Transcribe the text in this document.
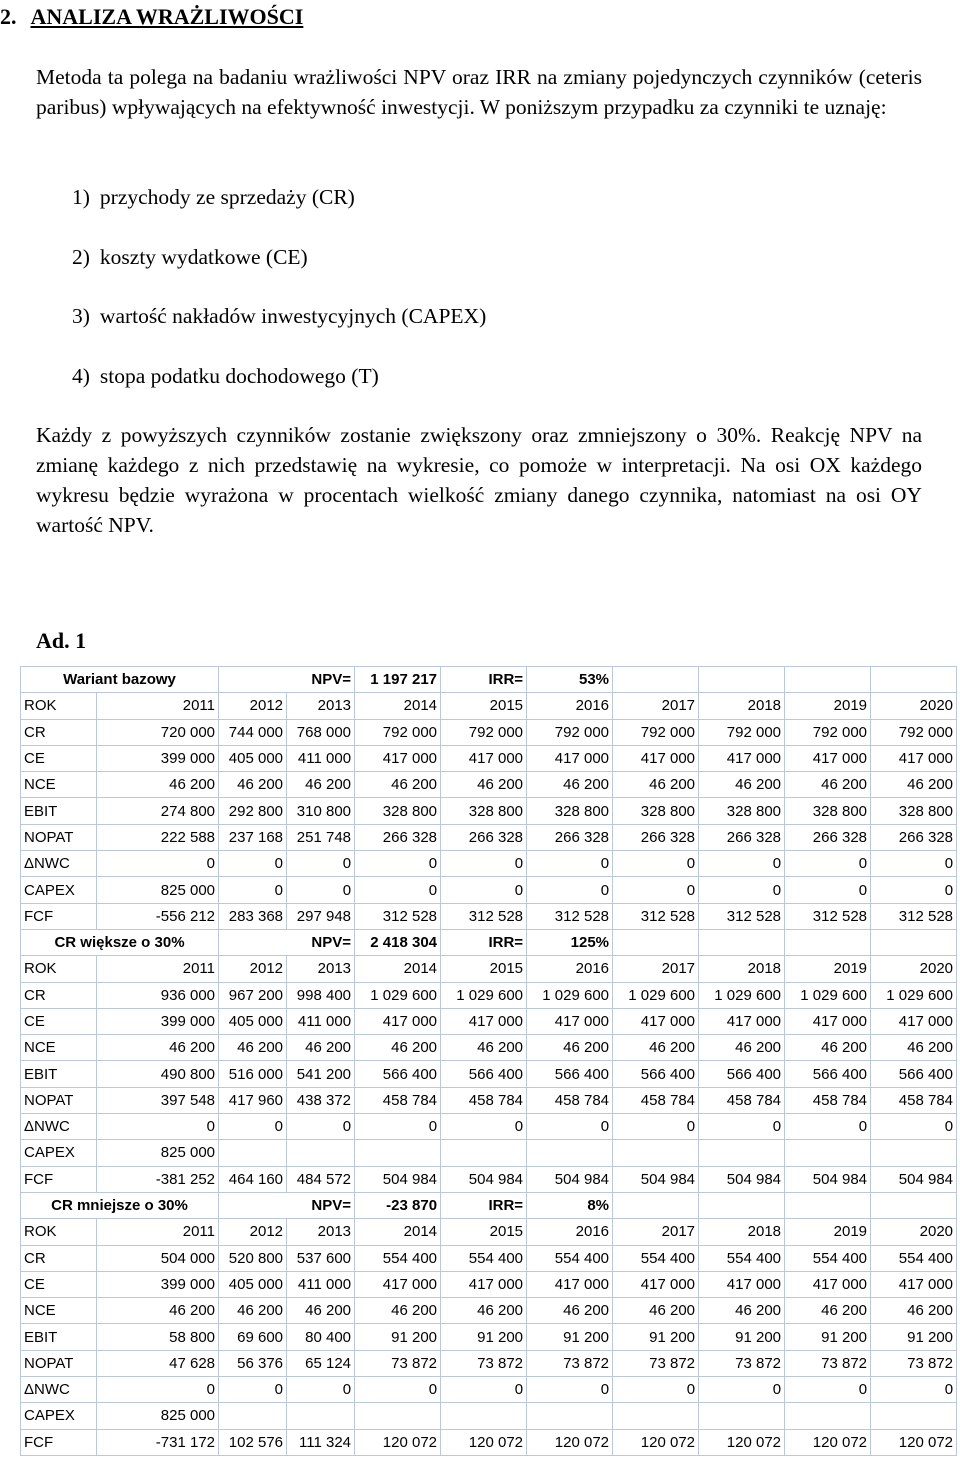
2. ANALIZA WRAŻLIWOŚCI
Metoda ta polega na badaniu wrażliwości NPV oraz IRR na zmiany pojedynczych czynników (ceteris paribus) wpływających na efektywność inwestycji. W poniższym przypadku za czynniki te uznaję:
1) przychody ze sprzedaży (CR)
2) koszty wydatkowe (CE)
3) wartość nakładów inwestycyjnych (CAPEX)
4) stopa podatku dochodowego (T)
Każdy z powyższych czynników zostanie zwiększony oraz zmniejszony o 30%. Reakcję NPV na zmianę każdego z nich przedstawię na wykresie, co pomoże w interpretacji. Na osi OX każdego wykresu będzie wyrażona w procentach wielkość zmiany danego czynnika, natomiast na osi OY wartość NPV.
Ad. 1
Wariant bazowy		NPV=		1 197 217	IRR=	53%				
ROK	2011	2012	2013	2014	2015	2016	2017	2018	2019	2020
CR	720 000	744 000	768 000	792 000	792 000	792 000	792 000	792 000	792 000	792 000
CE	399 000	405 000	411 000	417 000	417 000	417 000	417 000	417 000	417 000	417 000
NCE	46 200	46 200	46 200	46 200	46 200	46 200	46 200	46 200	46 200	46 200
EBIT	274 800	292 800	310 800	328 800	328 800	328 800	328 800	328 800	328 800	328 800
NOPAT	222 588	237 168	251 748	266 328	266 328	266 328	266 328	266 328	266 328	266 328
ΔNWC	0	0	0	0	0	0	0	0	0	0
CAPEX	825 000	0	0	0	0	0	0	0	0	0
FCF	-556 212	283 368	297 948	312 528	312 528	312 528	312 528	312 528	312 528	312 528
CR większe o 30%		NPV=		2 418 304	IRR=	125%				
ROK	2011	2012	2013	2014	2015	2016	2017	2018	2019	2020
CR	936 000	967 200	998 400	1 029 600	1 029 600	1 029 600	1 029 600	1 029 600	1 029 600	1 029 600
CE	399 000	405 000	411 000	417 000	417 000	417 000	417 000	417 000	417 000	417 000
NCE	46 200	46 200	46 200	46 200	46 200	46 200	46 200	46 200	46 200	46 200
EBIT	490 800	516 000	541 200	566 400	566 400	566 400	566 400	566 400	566 400	566 400
NOPAT	397 548	417 960	438 372	458 784	458 784	458 784	458 784	458 784	458 784	458 784
ΔNWC	0	0	0	0	0	0	0	0	0	0
CAPEX	825 000									
FCF	-381 252	464 160	484 572	504 984	504 984	504 984	504 984	504 984	504 984	504 984
CR mniejsze o 30%		NPV=		-23 870	IRR=	8%				
ROK	2011	2012	2013	2014	2015	2016	2017	2018	2019	2020
CR	504 000	520 800	537 600	554 400	554 400	554 400	554 400	554 400	554 400	554 400
CE	399 000	405 000	411 000	417 000	417 000	417 000	417 000	417 000	417 000	417 000
NCE	46 200	46 200	46 200	46 200	46 200	46 200	46 200	46 200	46 200	46 200
EBIT	58 800	69 600	80 400	91 200	91 200	91 200	91 200	91 200	91 200	91 200
NOPAT	47 628	56 376	65 124	73 872	73 872	73 872	73 872	73 872	73 872	73 872
ΔNWC	0	0	0	0	0	0	0	0	0	0
CAPEX	825 000									
FCF	-731 172	102 576	111 324	120 072	120 072	120 072	120 072	120 072	120 072	120 072
